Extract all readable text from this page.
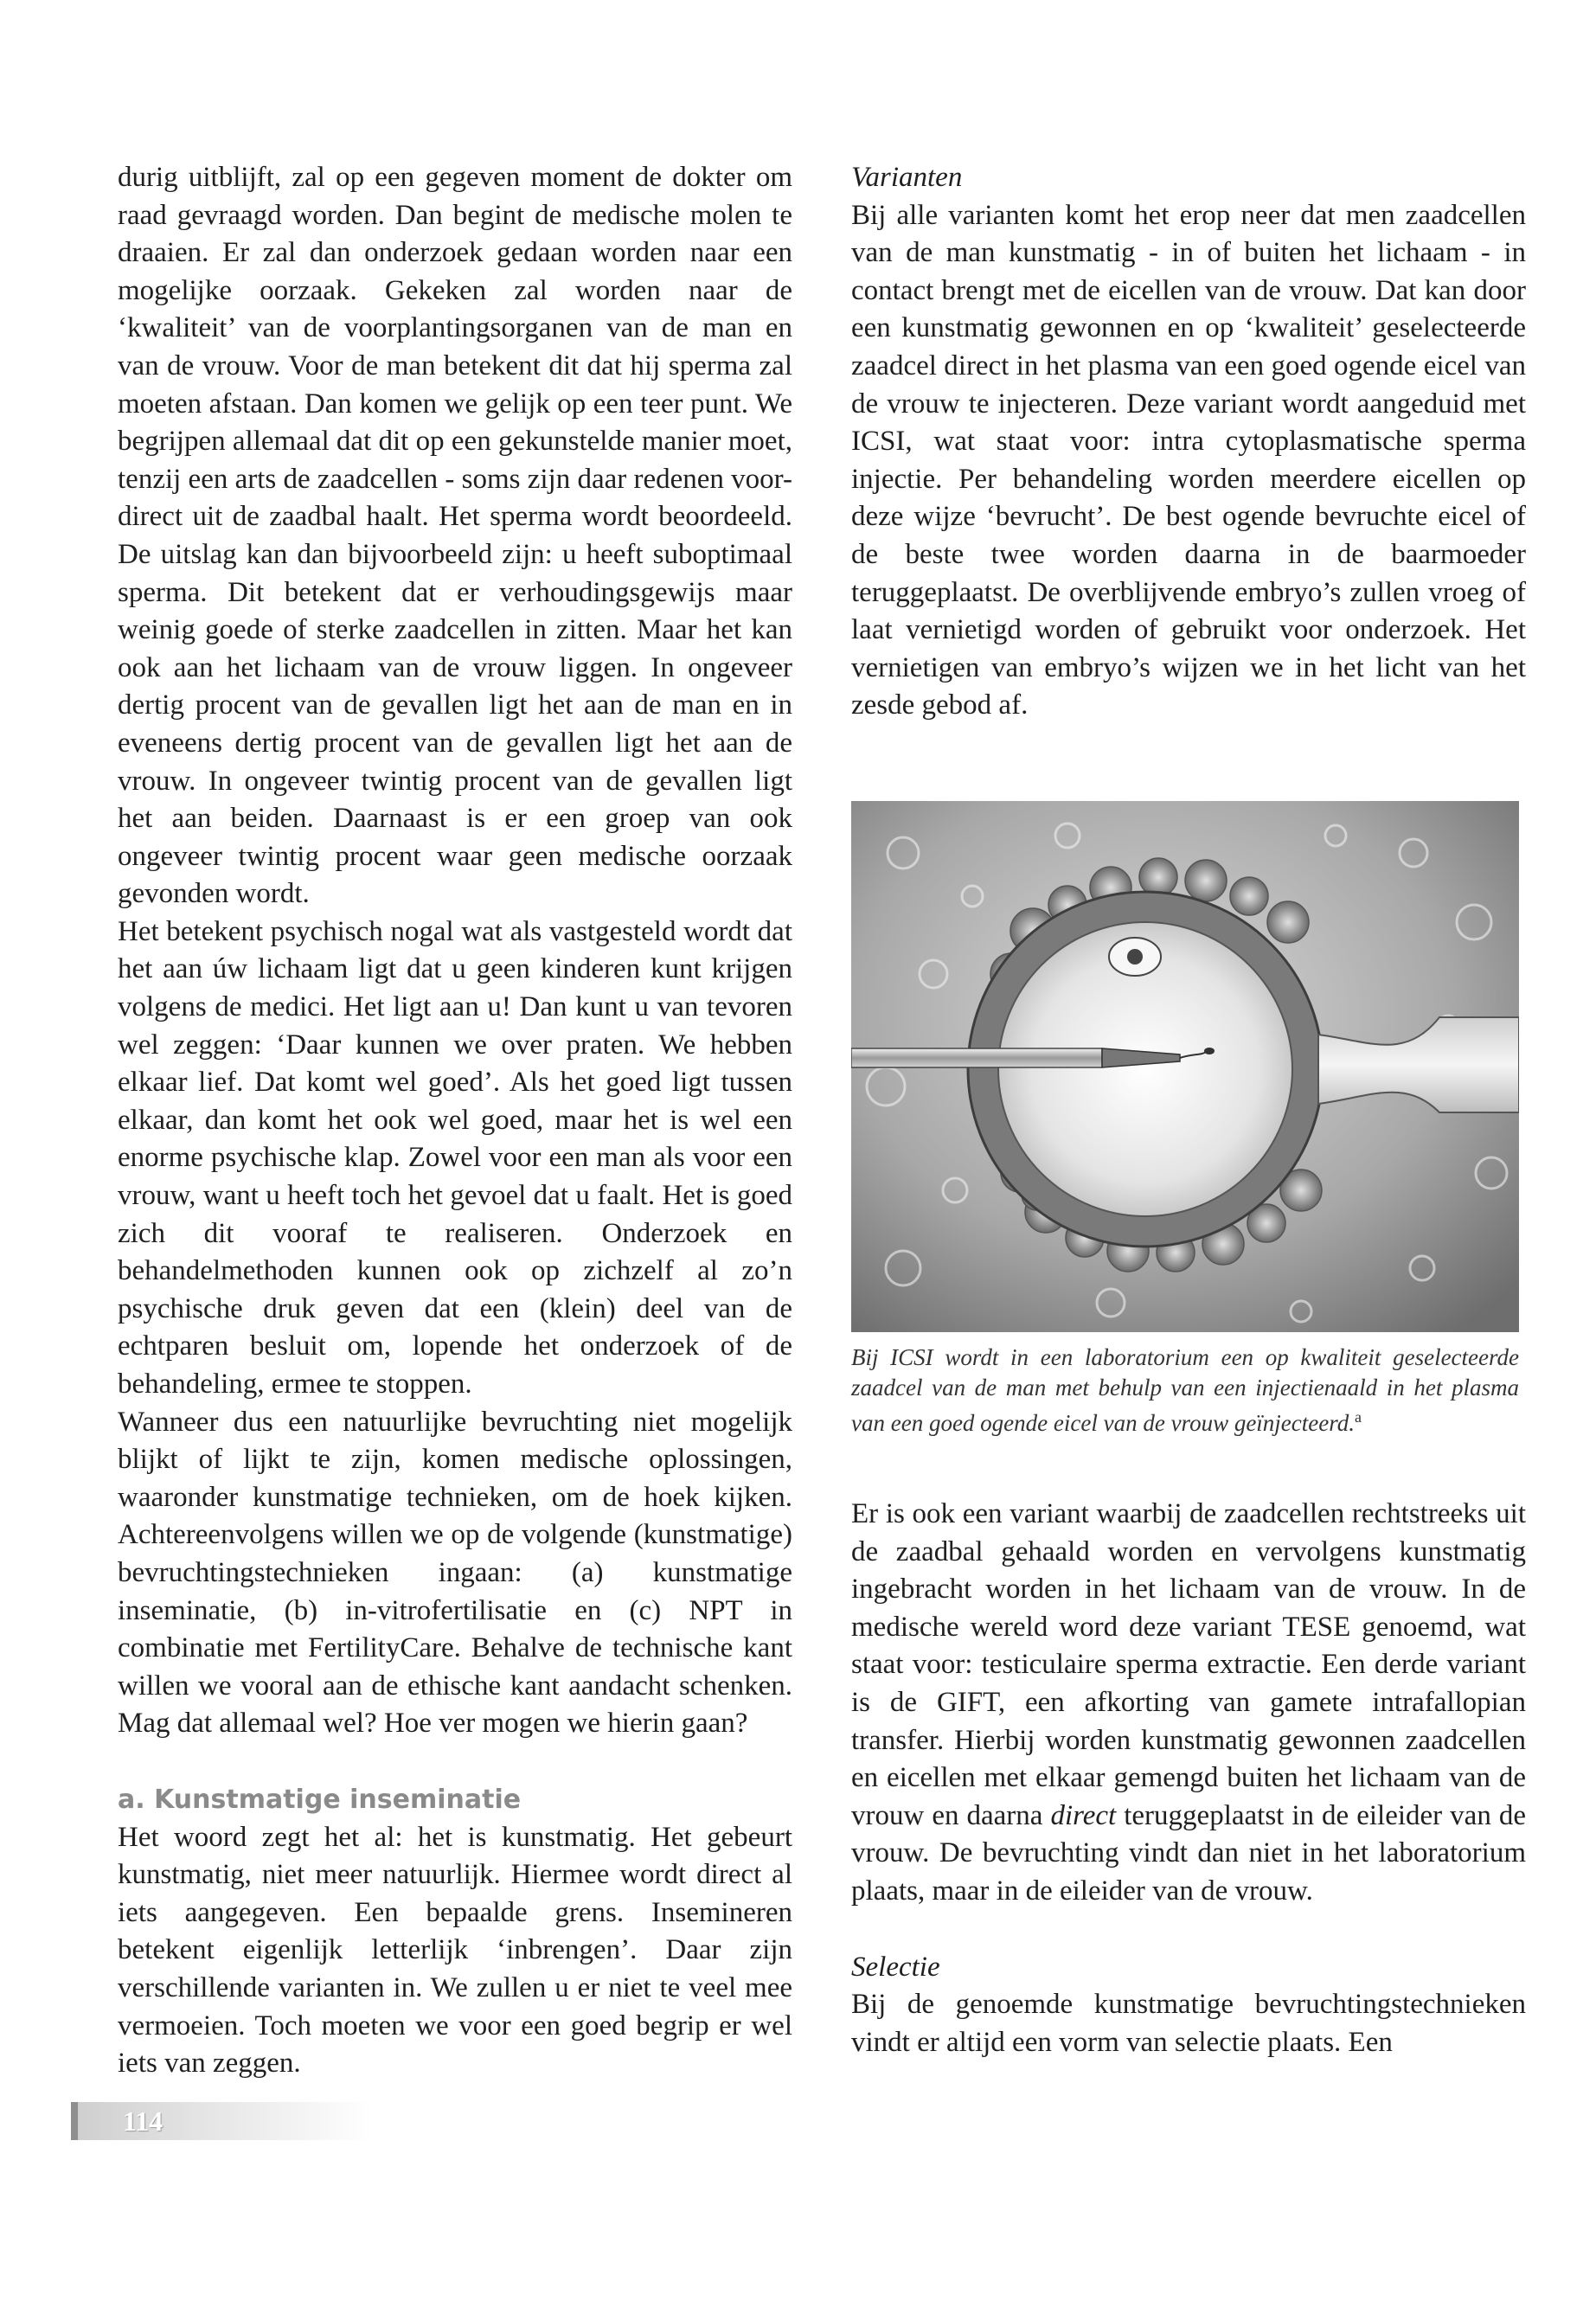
durig uitblijft, zal op een gegeven moment de dokter om raad gevraagd worden. Dan begint de medische molen te draaien. Er zal dan onderzoek gedaan worden naar een mogelijke oorzaak. Gekeken zal worden naar de ‘kwaliteit’ van de voorplantingsorganen van de man en van de vrouw. Voor de man betekent dit dat hij sperma zal moeten afstaan. Dan komen we gelijk op een teer punt. We begrijpen allemaal dat dit op een gekunstelde manier moet, tenzij een arts de zaadcellen - soms zijn daar redenen voor- direct uit de zaadbal haalt. Het sperma wordt beoordeeld. De uitslag kan dan bijvoorbeeld zijn: u heeft suboptimaal sperma. Dit betekent dat er verhoudingsgewijs maar weinig goede of sterke zaadcellen in zitten. Maar het kan ook aan het lichaam van de vrouw liggen. In ongeveer dertig procent van de gevallen ligt het aan de man en in eveneens dertig procent van de gevallen ligt het aan de vrouw. In ongeveer twintig procent van de gevallen ligt het aan beiden. Daarnaast is er een groep van ook ongeveer twintig procent waar geen medische oorzaak gevonden wordt.

Het betekent psychisch nogal wat als vastgesteld wordt dat het aan úw lichaam ligt dat u geen kinderen kunt krijgen volgens de medici. Het ligt aan u! Dan kunt u van tevoren wel zeggen: ‘Daar kunnen we over praten. We hebben elkaar lief. Dat komt wel goed’. Als het goed ligt tussen elkaar, dan komt het ook wel goed, maar het is wel een enorme psychische klap. Zowel voor een man als voor een vrouw, want u heeft toch het gevoel dat u faalt. Het is goed zich dit vooraf te realiseren. Onderzoek en behandelmethoden kunnen ook op zichzelf al zo’n psychische druk geven dat een (klein) deel van de echtparen besluit om, lopende het onderzoek of de behandeling, ermee te stoppen.

Wanneer dus een natuurlijke bevruchting niet mogelijk blijkt of lijkt te zijn, komen medische oplossingen, waaronder kunstmatige technieken, om de hoek kijken. Achtereenvolgens willen we op de volgende (kunstmatige) bevruchtingstechnieken ingaan: (a) kunstmatige inseminatie, (b) in-vitrofertilisatie en (c) NPT in combinatie met FertilityCare. Behalve de technische kant willen we vooral aan de ethische kant aandacht schenken. Mag dat allemaal wel? Hoe ver mogen we hierin gaan?

a. Kunstmatige inseminatie

Het woord zegt het al: het is kunstmatig. Het gebeurt kunstmatig, niet meer natuurlijk. Hiermee wordt direct al iets aangegeven. Een bepaalde grens. Insemineren betekent eigenlijk letterlijk ‘inbrengen’. Daar zijn verschillende varianten in. We zullen u er niet te veel mee vermoeien. Toch moeten we voor een goed begrip er wel iets van zeggen.

Varianten

Bij alle varianten komt het erop neer dat men zaadcellen van de man kunstmatig - in of buiten het lichaam - in contact brengt met de eicellen van de vrouw. Dat kan door een kunstmatig gewonnen en op ‘kwaliteit’ geselecteerde zaadcel direct in het plasma van een goed ogende eicel van de vrouw te injecteren. Deze variant wordt aangeduid met ICSI, wat staat voor: intra cytoplasmatische sperma injectie. Per behandeling worden meerdere eicellen op deze wijze ‘bevrucht’. De best ogende bevruchte eicel of de beste twee worden daarna in de baarmoeder teruggeplaatst. De overblijvende embryo’s zullen vroeg of laat vernietigd worden of gebruikt voor onderzoek. Het vernietigen van embryo’s wijzen we in het licht van het zesde gebod af.

Bij ICSI wordt in een laboratorium een op kwaliteit geselecteerde zaadcel van de man met behulp van een injectienaald in het plasma van een goed ogende eicel van de vrouw geïnjecteerd.$^a$

Er is ook een variant waarbij de zaadcellen rechtstreeks uit de zaadbal gehaald worden en vervolgens kunstmatig ingebracht worden in het lichaam van de vrouw. In de medische wereld word deze variant TESE genoemd, wat staat voor: testiculaire sperma extractie. Een derde variant is de GIFT, een afkorting van gamete intrafallopian transfer. Hierbij worden kunstmatig gewonnen zaadcellen en eicellen met elkaar gemengd buiten het lichaam van de vrouw en daarna direct teruggeplaatst in de eileider van de vrouw. De bevruchting vindt dan niet in het laboratorium plaats, maar in de eileider van de vrouw.

Selectie

Bij de genoemde kunstmatige bevruchtingstechnieken vindt er altijd een vorm van selectie plaats. Een

114
